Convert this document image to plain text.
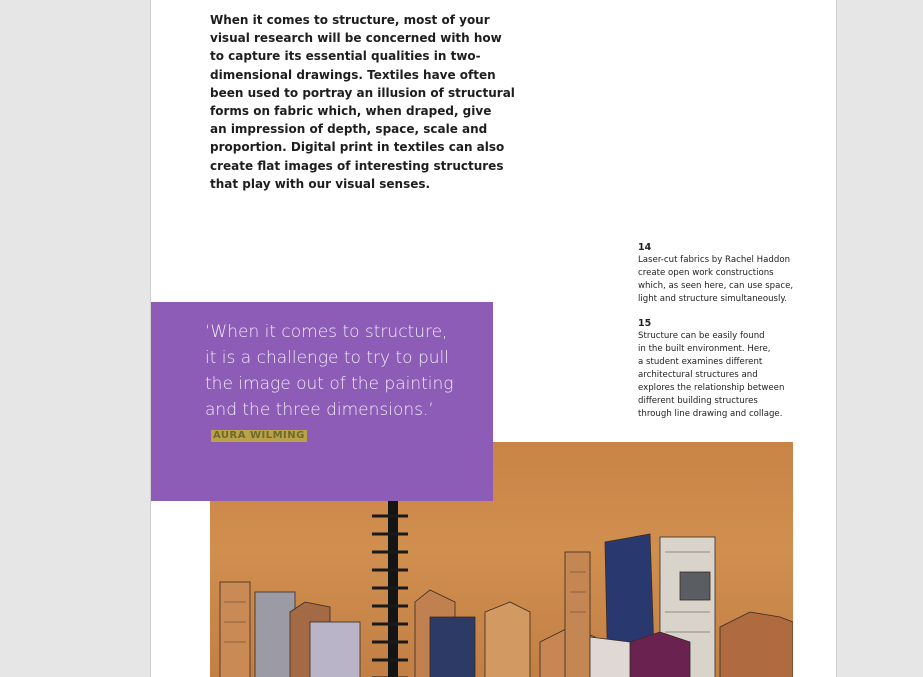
When it comes to structure, most of your
visual research will be concerned with how
to capture its essential qualities in two-
dimensional drawings. Textiles have often
been used to portray an illusion of structural
forms on fabric which, when draped, give
an impression of depth, space, scale and
proportion. Digital print in textiles can also
create flat images of interesting structures
that play with our visual senses.
14
Laser-cut fabrics by Rachel Haddon
create open work constructions
which, as seen here, can use space,
light and structure simultaneously.
15
Structure can be easily found
in the built environment. Here,
a student examines different
architectural structures and
explores the relationship between
different building structures
through line drawing and collage.
‘When it comes to structure,
it is a challenge to try to pull
the image out of the painting
and the three dimensions.’
AURA WILMING
